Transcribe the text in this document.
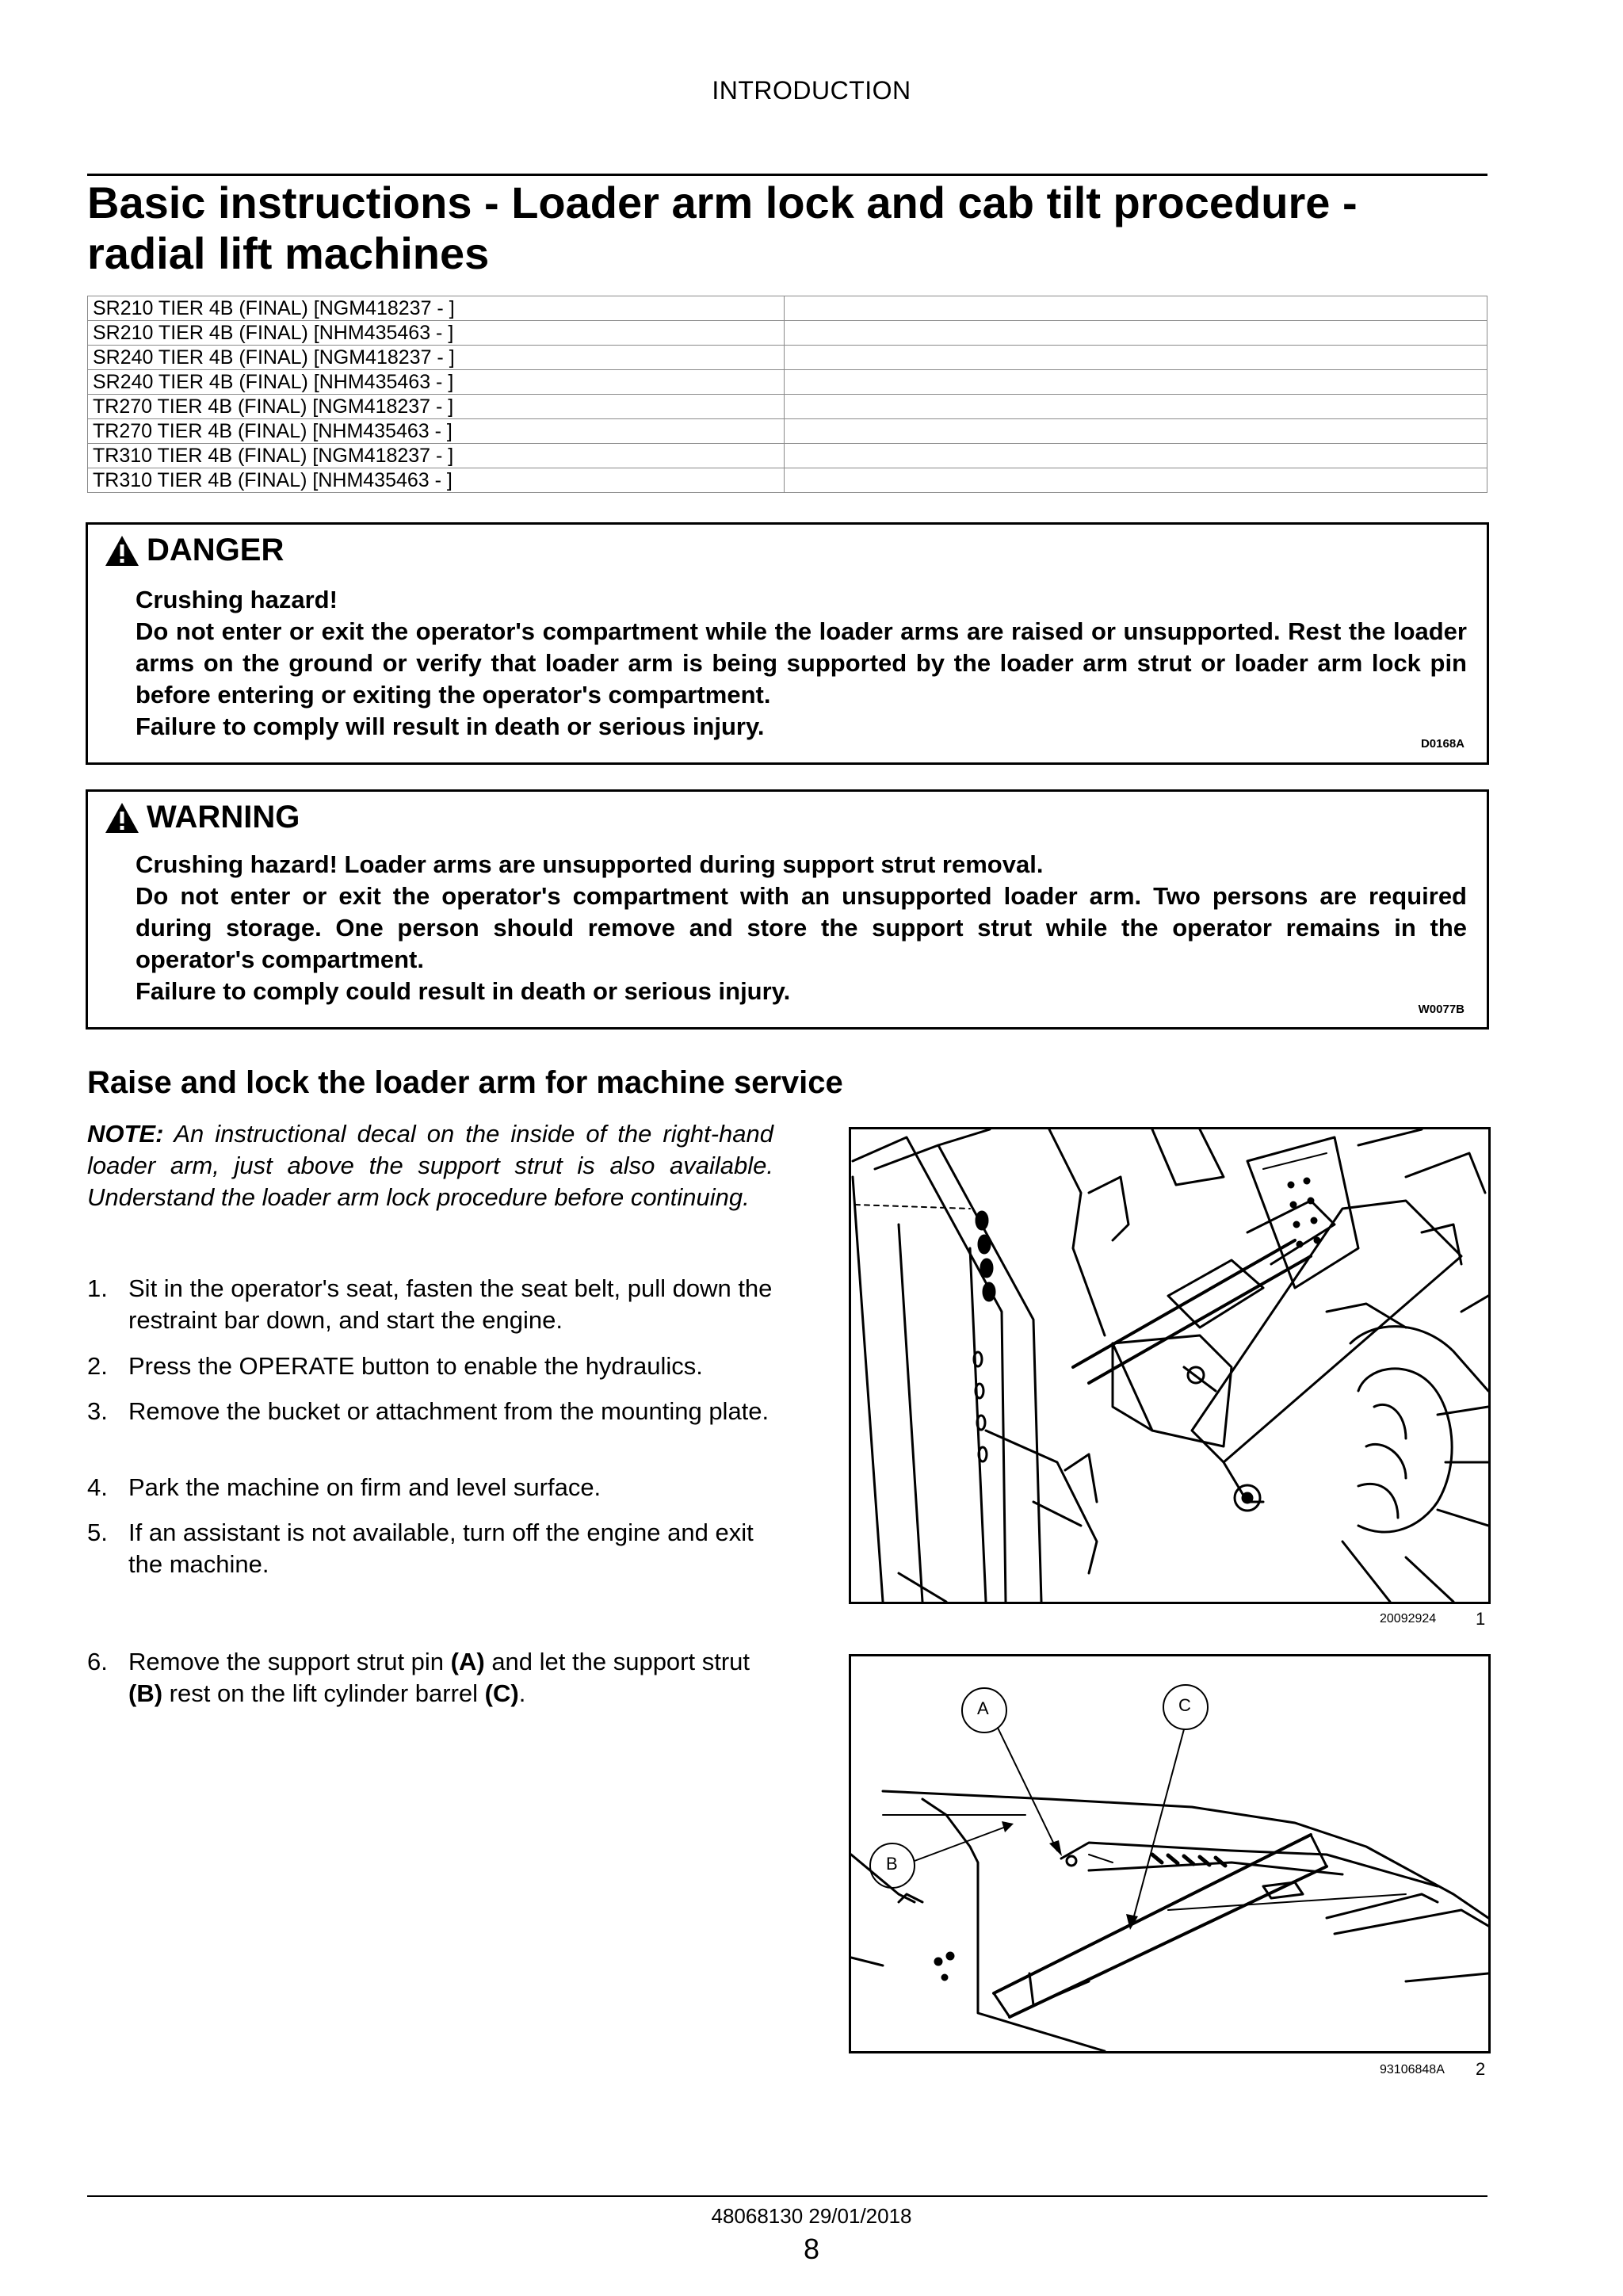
INTRODUCTION
Basic instructions - Loader arm lock and cab tilt procedure - radial lift machines
SR210 TIER 4B (FINAL) [NGM418237 - ]	
SR210 TIER 4B (FINAL) [NHM435463 - ]	
SR240 TIER 4B (FINAL) [NGM418237 - ]	
SR240 TIER 4B (FINAL) [NHM435463 - ]	
TR270 TIER 4B (FINAL) [NGM418237 - ]	
TR270 TIER 4B (FINAL) [NHM435463 - ]	
TR310 TIER 4B (FINAL) [NGM418237 - ]	
TR310 TIER 4B (FINAL) [NHM435463 - ]	
DANGER
Crushing hazard!
Do not enter or exit the operator's compartment while the loader arms are raised or unsupported. Rest the loader arms on the ground or verify that loader arm is being supported by the loader arm strut or loader arm lock pin before entering or exiting the operator's compartment.
Failure to comply will result in death or serious injury.
D0168A
WARNING
Crushing hazard! Loader arms are unsupported during support strut removal.
Do not enter or exit the operator's compartment with an unsupported loader arm. Two persons are required during storage. One person should remove and store the support strut while the operator remains in the operator's compartment.
Failure to comply could result in death or serious injury.
W0077B
Raise and lock the loader arm for machine service
NOTE: An instructional decal on the inside of the right-hand loader arm, just above the support strut is also available. Understand the loader arm lock procedure before continuing.
1. Sit in the operator's seat, fasten the seat belt, pull down the restraint bar down, and start the engine.
2. Press the OPERATE button to enable the hydraulics.
3. Remove the bucket or attachment from the mounting plate.
4. Park the machine on firm and level surface.
5. If an assistant is not available, turn off the engine and exit the machine.
6. Remove the support strut pin (A) and let the support strut (B) rest on the lift cylinder barrel (C).
20092924 1
A	C
B
93106848A 2
48068130 29/01/2018
8
